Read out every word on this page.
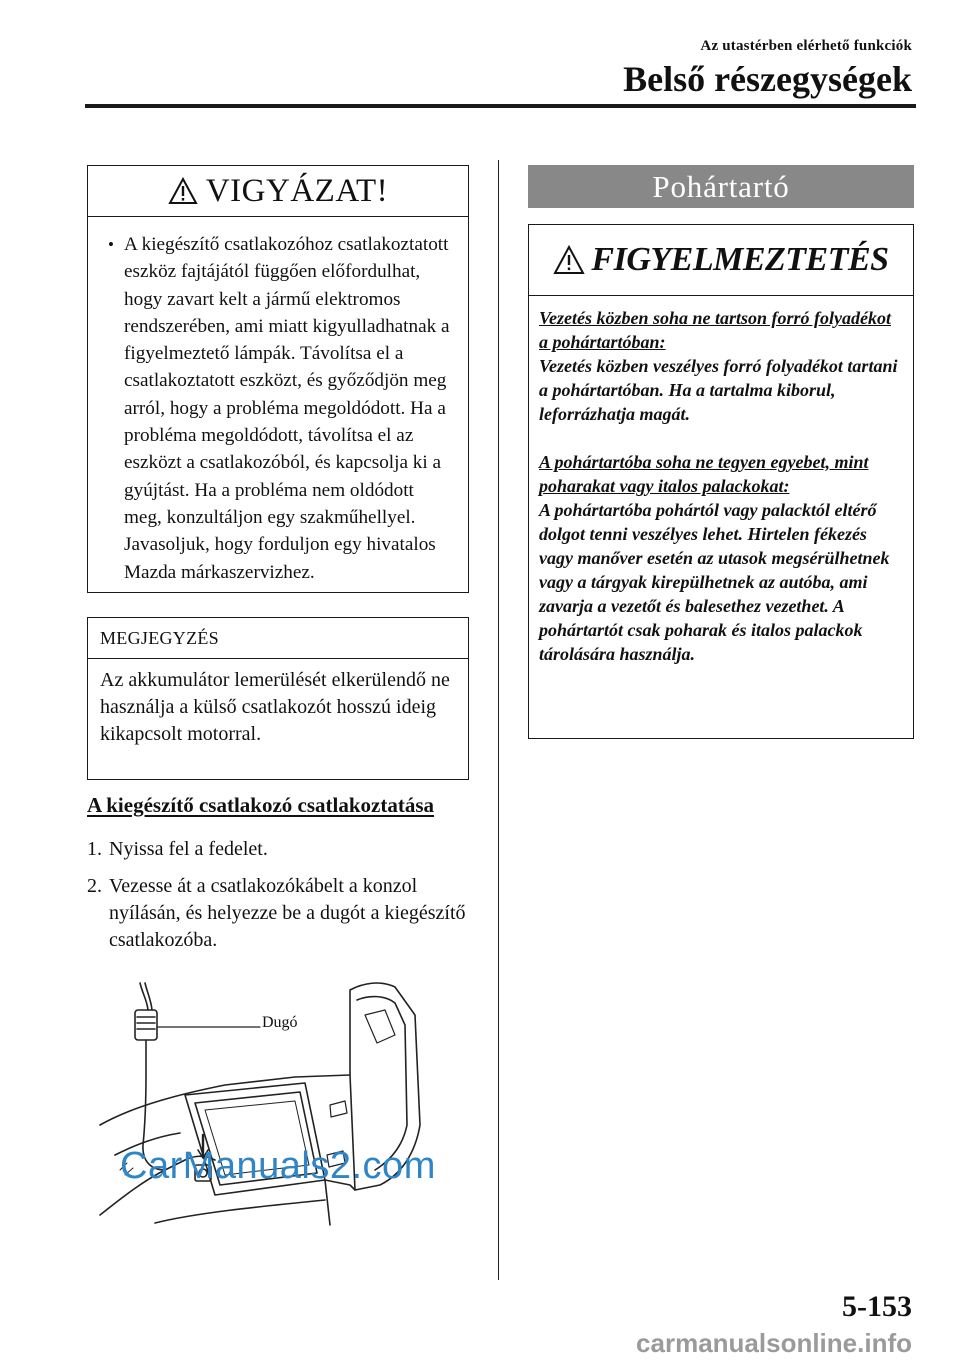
Az utastérben elérhető funkciók
Belső részegységek
VIGYÁZAT!
• A kiegészítő csatlakozóhoz csatlakoztatott eszköz fajtájától függően előfordulhat, hogy zavart kelt a jármű elektromos rendszerében, ami miatt kigyulladhatnak a figyelmeztető lámpák. Távolítsa el a csatlakoztatott eszközt, és győződjön meg arról, hogy a probléma megoldódott. Ha a probléma megoldódott, távolítsa el az eszközt a csatlakozóból, és kapcsolja ki a gyújtást. Ha a probléma nem oldódott meg, konzultáljon egy szakműhellyel. Javasoljuk, hogy forduljon egy hivatalos Mazda márkaszervizhez.
MEGJEGYZÉS
Az akkumulátor lemerülését elkerülendő ne használja a külső csatlakozót hosszú ideig kikapcsolt motorral.
A kiegészítő csatlakozó csatlakoztatása
1. Nyissa fel a fedelet.
2. Vezesse át a csatlakozókábelt a konzol
nyílásán, és helyezze be a dugót a kiegészítő csatlakozóba.
Dugó
CarManuals2.com
Pohártartó
FIGYELMEZTETÉS

Vezetés közben soha ne tartson forró folyadékot a pohártartóban:

Vezetés közben veszélyes forró folyadékot tartani a pohártartóban. Ha a tartalma kiborul, leforrázhatja magát.

A pohártartóba soha ne tegyen egyebet, mint poharakat vagy italos palackokat:

A pohártartóba pohártól vagy palacktól eltérő dolgot tenni veszélyes lehet. Hirtelen fékezés vagy manőver esetén az utasok megsérülhetnek vagy a tárgyak kirepülhetnek az autóba, ami zavarja a vezetőt és balesethez vezethet. A pohártartót csak poharak és italos palackok tárolására használja.

5-153
carmanualsonline.info
